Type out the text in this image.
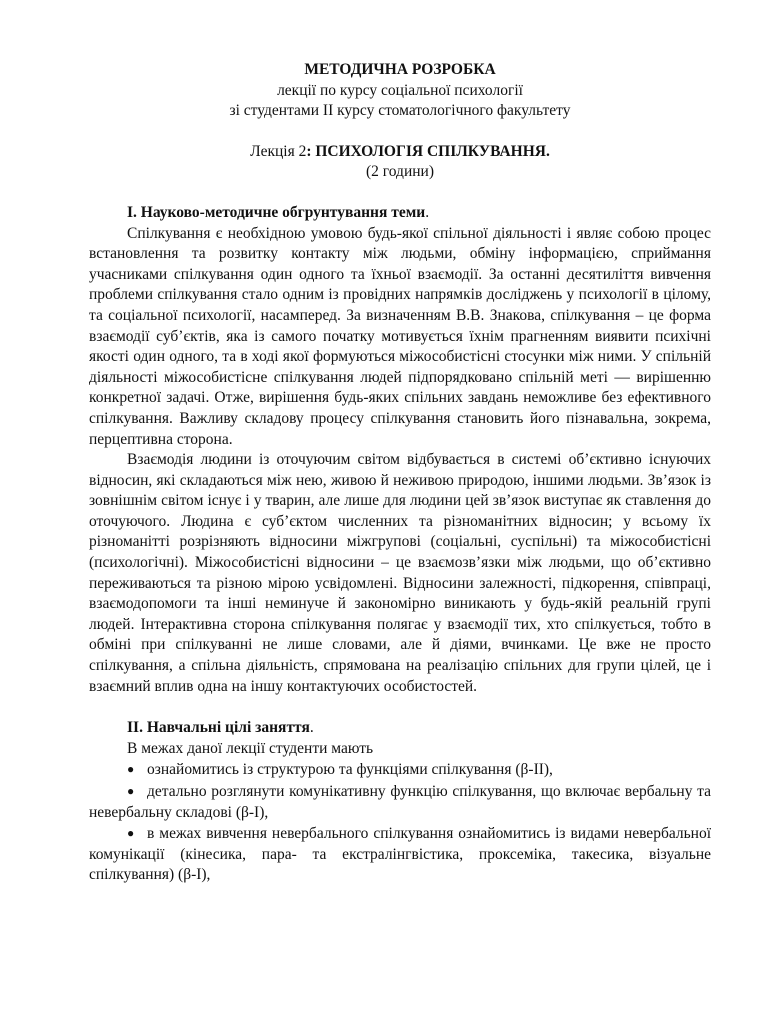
МЕТОДИЧНА РОЗРОБКА

лекції по курсу соціальної психології

зі студентами ІІ курсу стоматологічного факультету

Лекція 2: ПСИХОЛОГІЯ СПІЛКУВАННЯ.

(2 години)

І. Науково-методичне обгрунтування теми.

Спілкування є необхідною умовою будь-якої спільної діяльності і являє собою процес встановлення та розвитку контакту між людьми, обміну інформацією, сприймання учасниками спілкування один одного та їхньої взаємодії. За останні десятиліття вивчення проблеми спілкування стало одним із провідних напрямків досліджень у психології в цілому, та соціальної психології, насамперед. За визначенням В.В. Знакова, спілкування – це форма взаємодії суб’єктів, яка із самого початку мотивується їхнім прагненням виявити психічні якості один одного, та в ході якої формуються міжособистісні стосунки між ними. У спільній діяльності міжособистісне спілкування людей підпорядковано спільній меті — вирішенню конкретної задачі. Отже, вирішення будь-яких спільних завдань неможливе без ефективного спілкування. Важливу складову процесу спілкування становить його пізнавальна, зокрема, перцептивна сторона.

Взаємодія людини із оточуючим світом відбувається в системі об’єктивно існуючих відносин, які складаються між нею, живою й неживою природою, іншими людьми. Зв’язок із зовнішнім світом існує і у тварин, але лише для людини цей зв’язок виступає як ставлення до оточуючого. Людина є суб’єктом численних та різноманітних відносин; у всьому їх різноманітті розрізняють відносини міжгрупові (соціальні, суспільні) та міжособистісні (психологічні). Міжособистісні відносини – це взаємозв’язки між людьми, що об’єктивно переживаються та різною мірою усвідомлені. Відносини залежності, підкорення, співпраці, взаємодопомоги та інші неминуче й закономірно виникають у будь-якій реальній групі людей. Інтерактивна сторона спілкування полягає у взаємодії тих, хто спілкується, тобто в обміні при спілкуванні не лише словами, але й діями, вчинками. Це вже не просто спілкування, а спільна діяльність, спрямована на реалізацію спільних для групи цілей, це і взаємний вплив одна на іншу контактуючих особистостей.

ІІ. Навчальні цілі заняття.

В межах даної лекції студенти мають

● ознайомитись із структурою та функціями спілкування (β-ІІ),

● детально розглянути комунікативну функцію спілкування, що включає вербальну та невербальну складові (β-І),

● в межах вивчення невербального спілкування ознайомитись із видами невербальної комунікації (кінесика, пара- та екстралінгвістика, проксеміка, такесика, візуальне спілкування) (β-І),
